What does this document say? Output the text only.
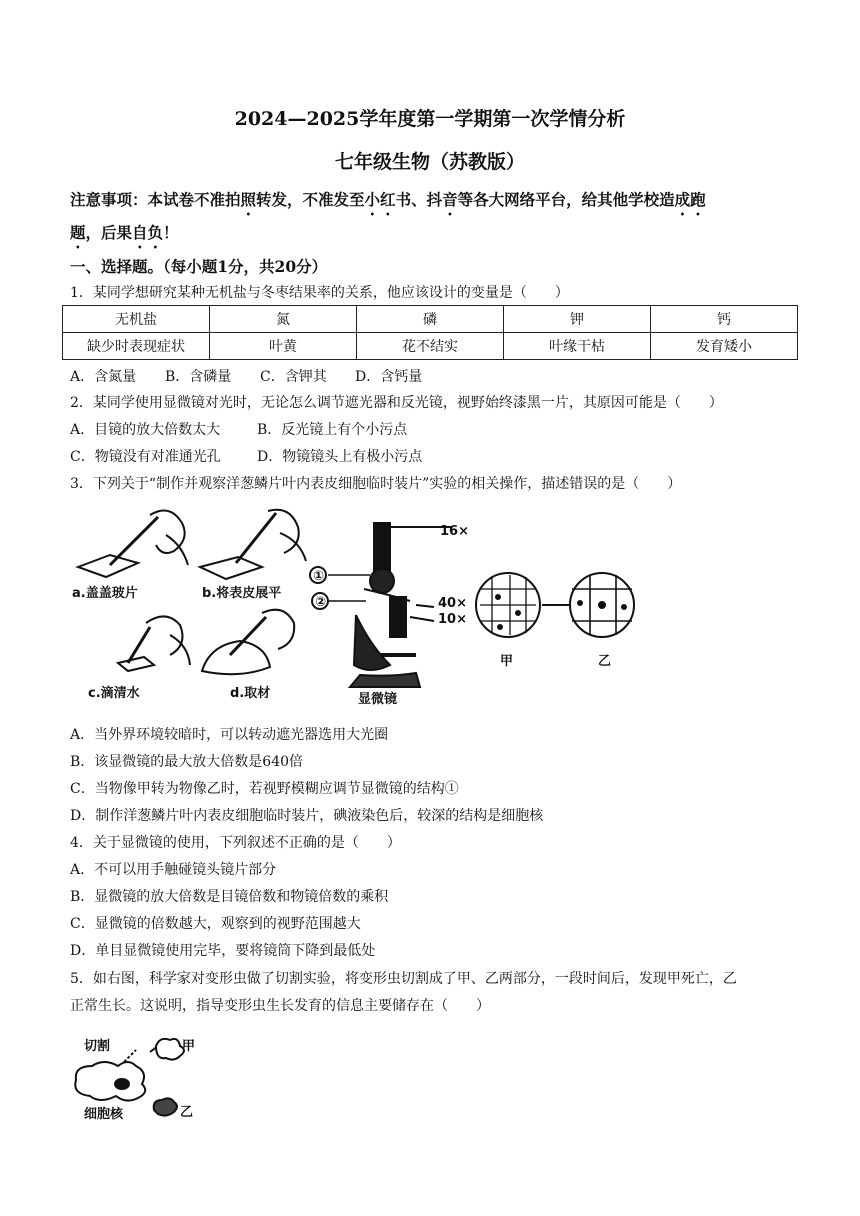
2024—2025学年度第一学期第一次学情分析
七年级生物（苏教版）
注意事项：本试卷不准拍照转发，不准发至小红书、抖音等各大网络平台，给其他学校造成跑
题，后果自负！
一、选择题。（每小题1分，共20分）
1．某同学想研究某种无机盐与冬枣结果率的关系，他应该设计的变量是（　　）
无机盐	氮	磷	钾	钙
缺少时表现症状	叶黄	花不结实	叶缘干枯	发育矮小
A．含氮量 B．含磷量 C．含钾其 D．含钙量
2．某同学使用显微镜对光时，无论怎么调节遮光器和反光镜，视野始终漆黑一片，其原因可能是（　　）
A．目镜的放大倍数太大	B．反光镜上有个小污点
C．物镜没有对准通光孔	D．物镜镜头上有极小污点
3．下列关于“制作并观察洋葱鳞片叶内表皮细胞临时装片”实验的相关操作，描述错误的是（　　）
a.盖盖玻片	b.将表皮展平
c.滴清水	d.取材
16×
40×
10×
①
②
显微镜
甲	乙
A．当外界环境较暗时，可以转动遮光器选用大光圈
B．该显微镜的最大放大倍数是640倍
C．当物像甲转为物像乙时，若视野模糊应调节显微镜的结构①
D．制作洋葱鳞片叶内表皮细胞临时装片，碘液染色后，较深的结构是细胞核
4．关于显微镜的使用，下列叙述不正确的是（　　）
A．不可以用手触碰镜头镜片部分
B．显微镜的放大倍数是目镜倍数和物镜倍数的乘积
C．显微镜的倍数越大，观察到的视野范围越大
D．单目显微镜使用完毕，要将镜筒下降到最低处
5．如右图，科学家对变形虫做了切割实验，将变形虫切割成了甲、乙两部分，一段时间后，发现甲死亡，乙
正常生长。这说明，指导变形虫生长发育的信息主要储存在（　　）
切割	甲
细胞核	乙
